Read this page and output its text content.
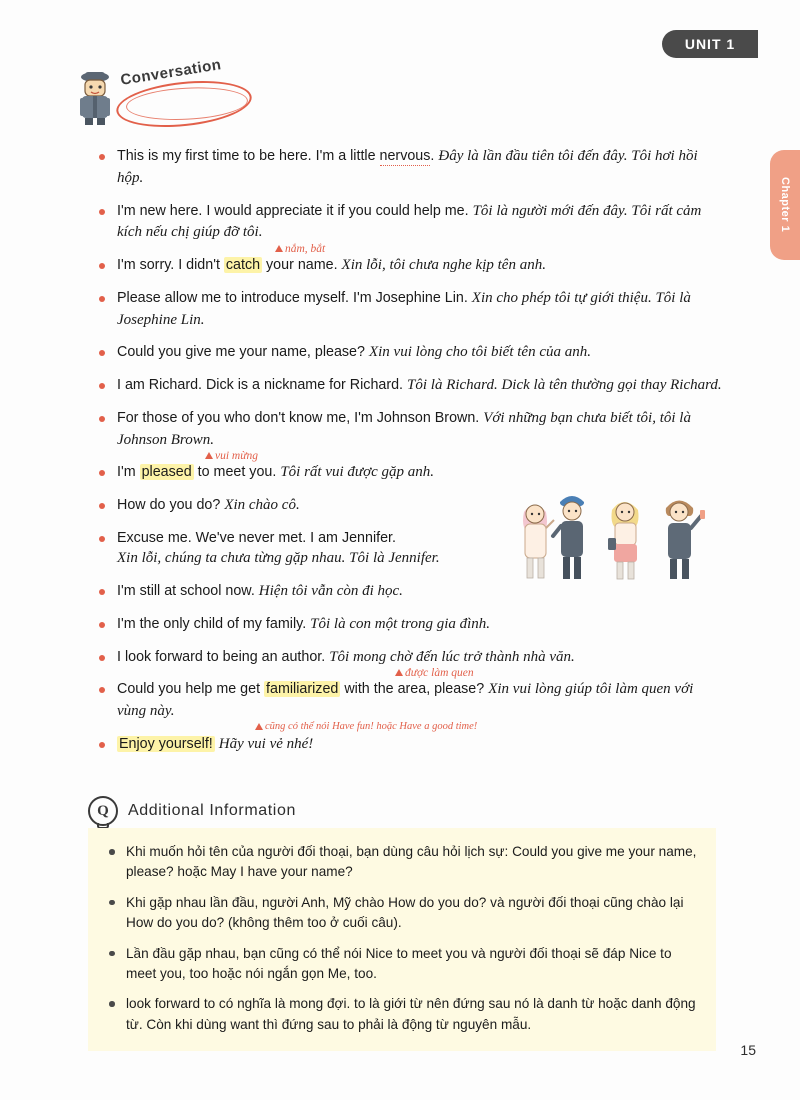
UNIT 1
Chapter 1
Conversation
This is my first time to be here. I'm a little nervous. Đây là lần đầu tiên tôi đến đây. Tôi hơi hồi hộp.
I'm new here. I would appreciate it if you could help me. Tôi là người mới đến đây. Tôi rất cảm kích nếu chị giúp đỡ tôi.
nắm, bắt
I'm sorry. I didn't catch your name. Xin lỗi, tôi chưa nghe kịp tên anh.
Please allow me to introduce myself. I'm Josephine Lin. Xin cho phép tôi tự giới thiệu. Tôi là Josephine Lin.
Could you give me your name, please? Xin vui lòng cho tôi biết tên của anh.
I am Richard. Dick is a nickname for Richard. Tôi là Richard. Dick là tên thường gọi thay Richard.
For those of you who don't know me, I'm Johnson Brown. Với những bạn chưa biết tôi, tôi là Johnson Brown.
vui mừng
I'm pleased to meet you. Tôi rất vui được gặp anh.
How do you do? Xin chào cô.
Excuse me. We've never met. I am Jennifer.
Xin lỗi, chúng ta chưa từng gặp nhau. Tôi là Jennifer.
I'm still at school now. Hiện tôi vẫn còn đi học.
I'm the only child of my family. Tôi là con một trong gia đình.
I look forward to being an author. Tôi mong chờ đến lúc trở thành nhà văn.
được làm quen
Could you help me get familiarized with the area, please? Xin vui lòng giúp tôi làm quen với vùng này.
cũng có thể nói Have fun! hoặc Have a good time!
Enjoy yourself! Hãy vui vẻ nhé!
Q Additional Information
Khi muốn hỏi tên của người đối thoại, bạn dùng câu hỏi lịch sự: Could you give me your name, please? hoặc May I have your name?
Khi gặp nhau lần đầu, người Anh, Mỹ chào How do you do? và người đối thoại cũng chào lại How do you do? (không thêm too ở cuối câu).
Lần đầu gặp nhau, bạn cũng có thể nói Nice to meet you và người đối thoại sẽ đáp Nice to meet you, too hoặc nói ngắn gọn Me, too.
look forward to có nghĩa là mong đợi. to là giới từ nên đứng sau nó là danh từ hoặc danh động từ. Còn khi dùng want thì đứng sau to phải là động từ nguyên mẫu.
15
